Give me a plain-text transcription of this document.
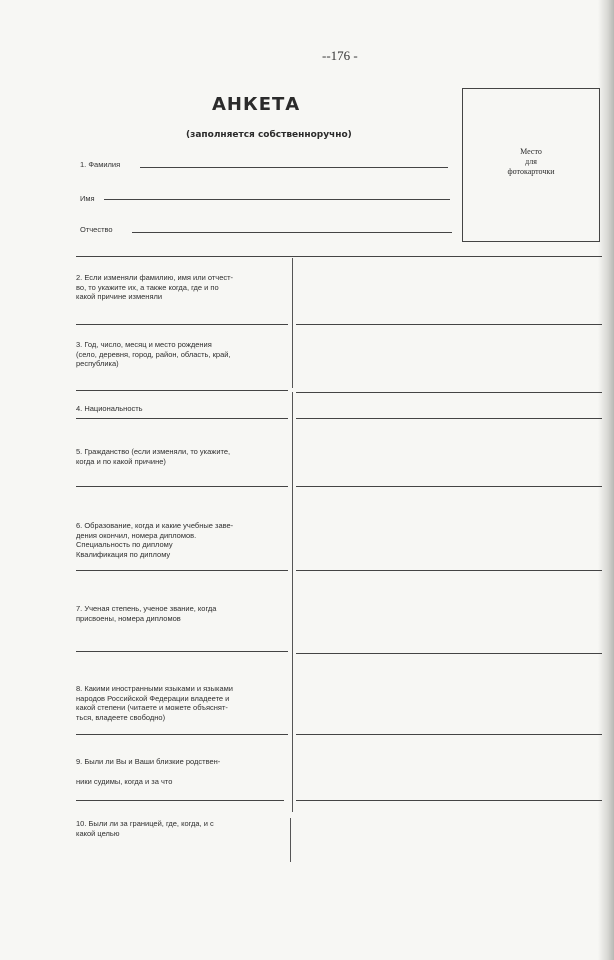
--176 -
АНКЕТА
(заполняется собственноручно)
Место
для
фотокарточки
1. Фамилия
Имя
Отчество
2. Если изменяли фамилию, имя или отчест-
во, то укажите их, а также когда, где и по
какой причине изменяли
3. Год, число, месяц и место рождения
(село, деревня, город, район, область, край,
республика)
4. Национальность
5. Гражданство (если изменяли, то укажите,
когда и по какой причине)
6. Образование, когда и какие учебные заве-
дения окончил, номера дипломов.
Специальность по диплому
Квалификация по диплому
7. Ученая степень, ученое звание, когда
присвоены, номера дипломов
8. Какими иностранными языками и языками
народов Российской Федерации владеете и
какой степени (читаете и можете объяснят-
ться, владеете свободно)
9. Были ли Вы и Ваши близкие родствен-
ники судимы, когда и за что
10. Были ли за границей, где, когда, и с
какой целью
